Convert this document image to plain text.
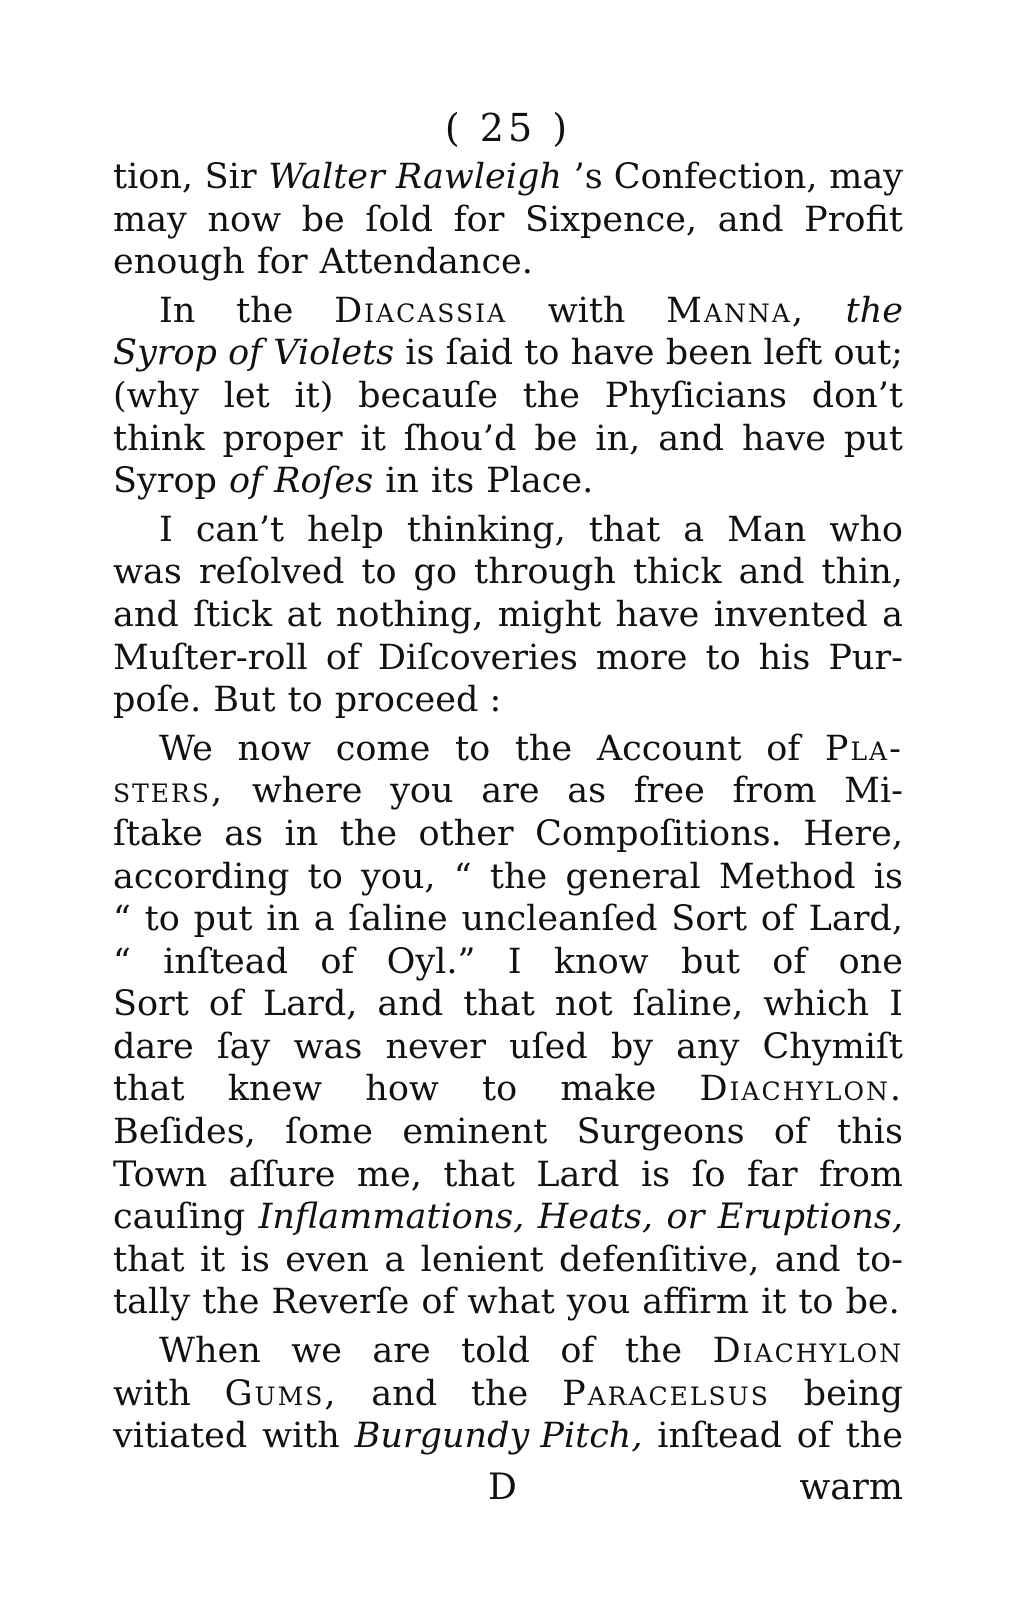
( 25 )
tion, Sir Walter Rawleigh ’s Confection, may
may now be ſold for Sixpence, and Profit
enough for Attendance.
In the Diacassia with Manna, the
Syrop of Violets is ſaid to have been left out;
(why let it) becauſe the Phyſicians don’t
think proper it ſhou’d be in, and have put
Syrop of Roſes in its Place.
I can’t help thinking, that a Man who
was reſolved to go through thick and thin,
and ſtick at nothing, might have invented a
Muſter-roll of Diſcoveries more to his Pur-
poſe. But to proceed :
We now come to the Account of Pla-
sters, where you are as free from Mi-
ſtake as in the other Compoſitions. Here,
according to you, “ the general Method is
“ to put in a ſaline uncleanſed Sort of Lard,
“ inſtead of Oyl.” I know but of one
Sort of Lard, and that not ſaline, which I
dare ſay was never uſed by any Chymiſt
that knew how to make Diachylon.
Beſides, ſome eminent Surgeons of this
Town aſſure me, that Lard is ſo far from
cauſing Inflammations, Heats, or Eruptions,
that it is even a lenient defenſitive, and to-
tally the Reverſe of what you affirm it to be.
When we are told of the Diachylon
with Gums, and the Paracelsus being
vitiated with Burgundy Pitch, inſtead of the
D	warm
